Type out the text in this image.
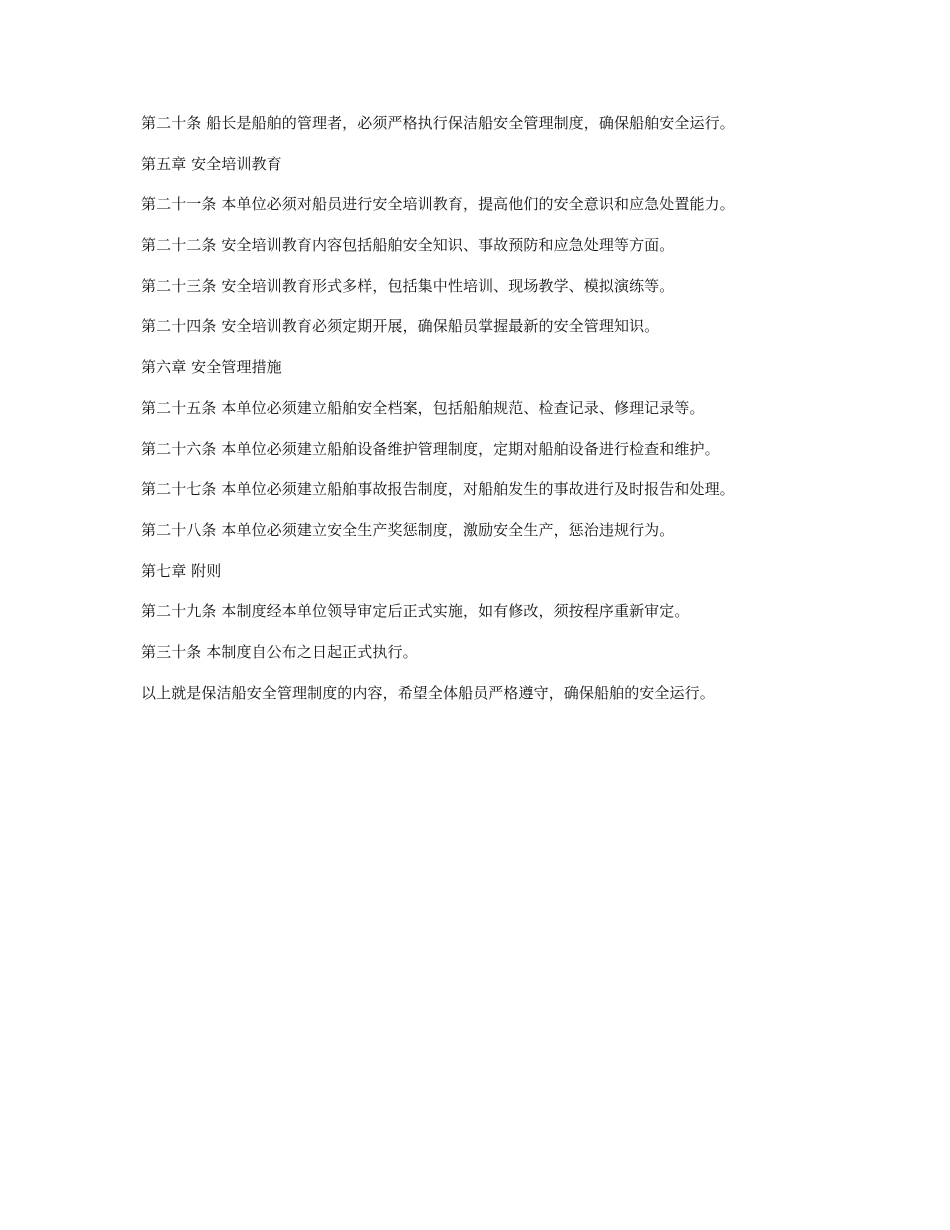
第二十条 船长是船舶的管理者，必须严格执行保洁船安全管理制度，确保船舶安全运行。

第五章 安全培训教育

第二十一条 本单位必须对船员进行安全培训教育，提高他们的安全意识和应急处置能力。

第二十二条 安全培训教育内容包括船舶安全知识、事故预防和应急处理等方面。

第二十三条 安全培训教育形式多样，包括集中性培训、现场教学、模拟演练等。

第二十四条 安全培训教育必须定期开展，确保船员掌握最新的安全管理知识。

第六章 安全管理措施

第二十五条 本单位必须建立船舶安全档案，包括船舶规范、检查记录、修理记录等。

第二十六条 本单位必须建立船舶设备维护管理制度，定期对船舶设备进行检查和维护。

第二十七条 本单位必须建立船舶事故报告制度，对船舶发生的事故进行及时报告和处理。

第二十八条 本单位必须建立安全生产奖惩制度，激励安全生产，惩治违规行为。

第七章 附则

第二十九条 本制度经本单位领导审定后正式实施，如有修改，须按程序重新审定。

第三十条 本制度自公布之日起正式执行。

以上就是保洁船安全管理制度的内容，希望全体船员严格遵守，确保船舶的安全运行。
